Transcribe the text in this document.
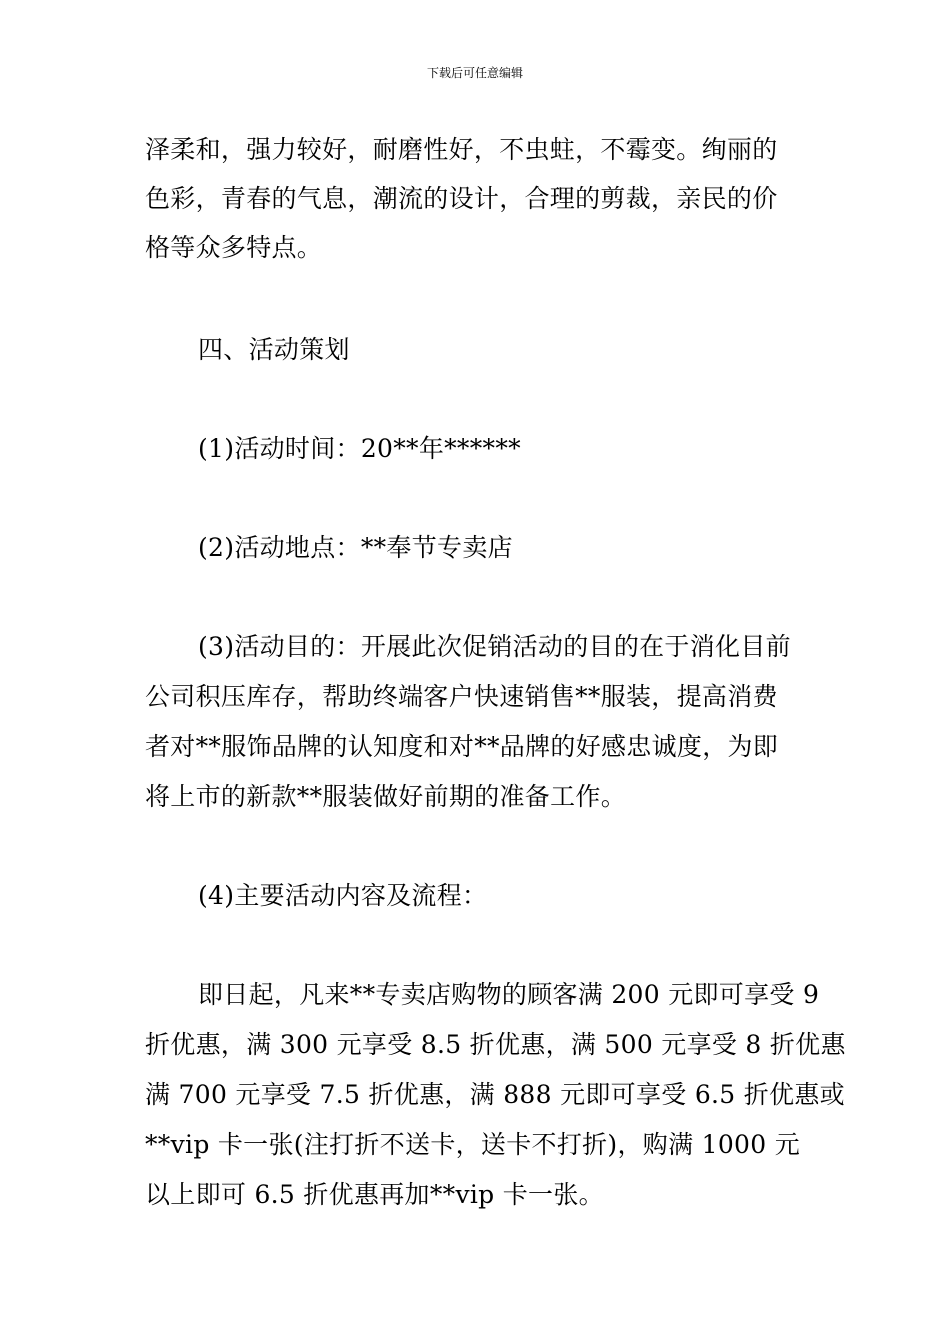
下载后可任意编辑
泽柔和，强力较好，耐磨性好，不虫蛀，不霉变。绚丽的
色彩，青春的气息，潮流的设计，合理的剪裁，亲民的价
格等众多特点。
四、活动策划
(1)活动时间：20**年******
(2)活动地点：**奉节专卖店
(3)活动目的：开展此次促销活动的目的在于消化目前
公司积压库存，帮助终端客户快速销售**服装，提高消费
者对**服饰品牌的认知度和对**品牌的好感忠诚度，为即
将上市的新款**服装做好前期的准备工作。
(4)主要活动内容及流程：
即日起，凡来**专卖店购物的顾客满 200 元即可享受 9
折优惠，满 300 元享受 8.5 折优惠，满 500 元享受 8 折优惠
满 700 元享受 7.5 折优惠，满 888 元即可享受 6.5 折优惠或
**vip 卡一张(注打折不送卡，送卡不打折)，购满 1000 元
以上即可 6.5 折优惠再加**vip 卡一张。
